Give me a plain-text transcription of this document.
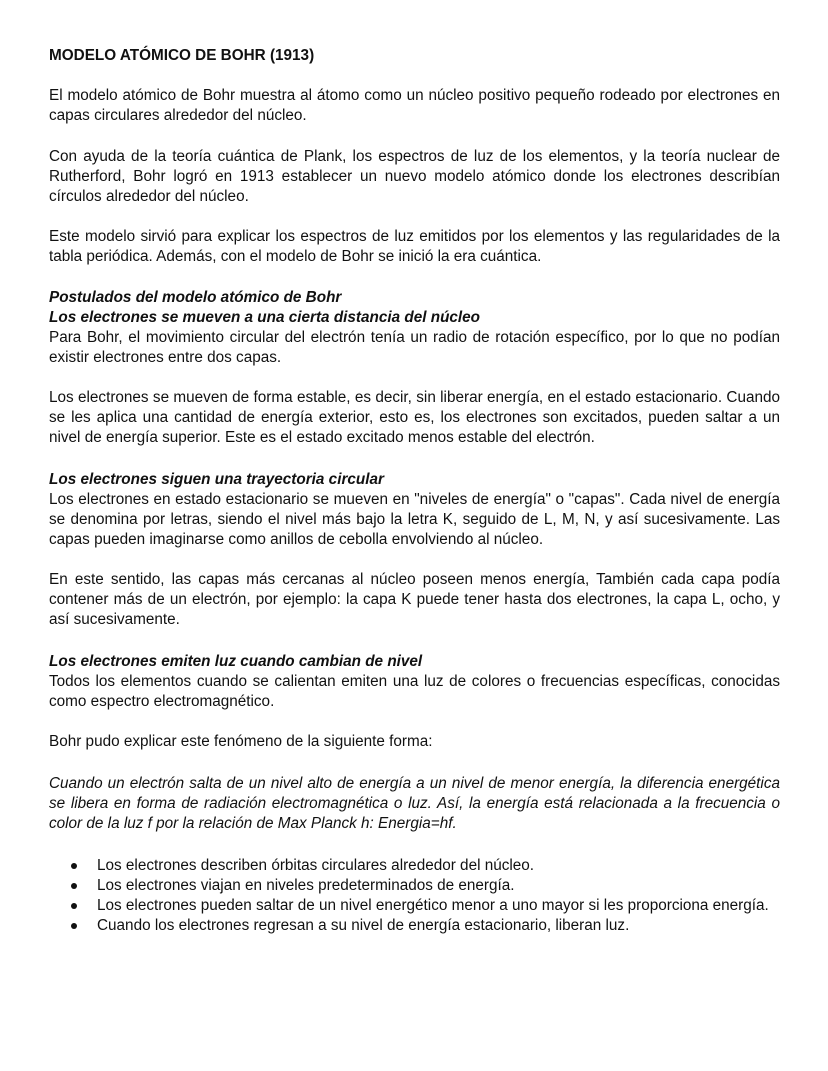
MODELO ATÓMICO DE BOHR (1913)

El modelo atómico de Bohr muestra al átomo como un núcleo positivo pequeño rodeado por electrones en capas circulares alrededor del núcleo.

Con ayuda de la teoría cuántica de Plank, los espectros de luz de los elementos, y la teoría nuclear de Rutherford, Bohr logró en 1913 establecer un nuevo modelo atómico donde los electrones describían círculos alrededor del núcleo.

Este modelo sirvió para explicar los espectros de luz emitidos por los elementos y las regularidades de la tabla periódica. Además, con el modelo de Bohr se inició la era cuántica.

Postulados del modelo atómico de Bohr
Los electrones se mueven a una cierta distancia del núcleo

Para Bohr, el movimiento circular del electrón tenía un radio de rotación específico, por lo que no podían existir electrones entre dos capas.

Los electrones se mueven de forma estable, es decir, sin liberar energía, en el estado estacionario. Cuando se les aplica una cantidad de energía exterior, esto es, los electrones son excitados, pueden saltar a un nivel de energía superior. Este es el estado excitado menos estable del electrón.

Los electrones siguen una trayectoria circular

Los electrones en estado estacionario se mueven en "niveles de energía" o "capas". Cada nivel de energía se denomina por letras, siendo el nivel más bajo la letra K, seguido de L, M, N, y así sucesivamente. Las capas pueden imaginarse como anillos de cebolla envolviendo al núcleo.

En este sentido, las capas más cercanas al núcleo poseen menos energía, También cada capa podía contener más de un electrón, por ejemplo: la capa K puede tener hasta dos electrones, la capa L, ocho, y así sucesivamente.

Los electrones emiten luz cuando cambian de nivel

Todos los elementos cuando se calientan emiten una luz de colores o frecuencias específicas, conocidas como espectro electromagnético.

Bohr pudo explicar este fenómeno de la siguiente forma:

Cuando un electrón salta de un nivel alto de energía a un nivel de menor energía, la diferencia energética se libera en forma de radiación electromagnética o luz. Así, la energía está relacionada a la frecuencia o color de la luz f por la relación de Max Planck h: Energia=hf.

Los electrones describen órbitas circulares alrededor del núcleo.
Los electrones viajan en niveles predeterminados de energía.
Los electrones pueden saltar de un nivel energético menor a uno mayor si les proporciona energía.
Cuando los electrones regresan a su nivel de energía estacionario, liberan luz.
